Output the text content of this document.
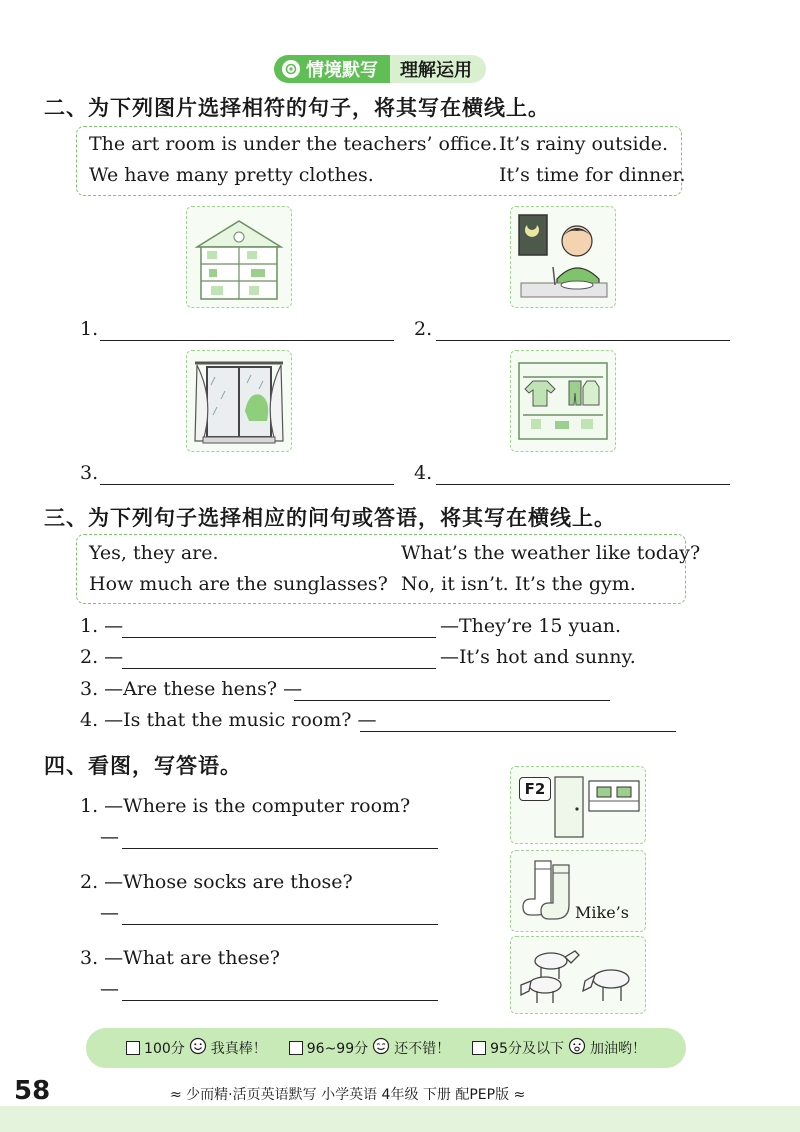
情境默写	理解运用
二、为下列图片选择相符的句子，将其写在横线上。
The art room is under the teachers’ office. It’s rainy outside.
We have many pretty clothes.	It’s time for dinner.
1.	2.
3.	4.
三、为下列句子选择相应的问句或答语，将其写在横线上。
Yes, they are.	What’s the weather like today?
How much are the sunglasses? No, it isn’t. It’s the gym.
1. —	—They’re 15 yuan.
2. —	—It’s hot and sunny.
3. —Are these hens? —
4. —Is that the music room? —
四、看图，写答语。
1. —Where is the computer room?
—
2. —Whose socks are those?
—
3. —What are these?
—
F2
Mike’s
100分 我真棒！	96~99分 还不错！	95分及以下 加油哟！
58	≈ 少而精·活页英语默写 小学英语 4年级 下册 配PEP版 ≈
